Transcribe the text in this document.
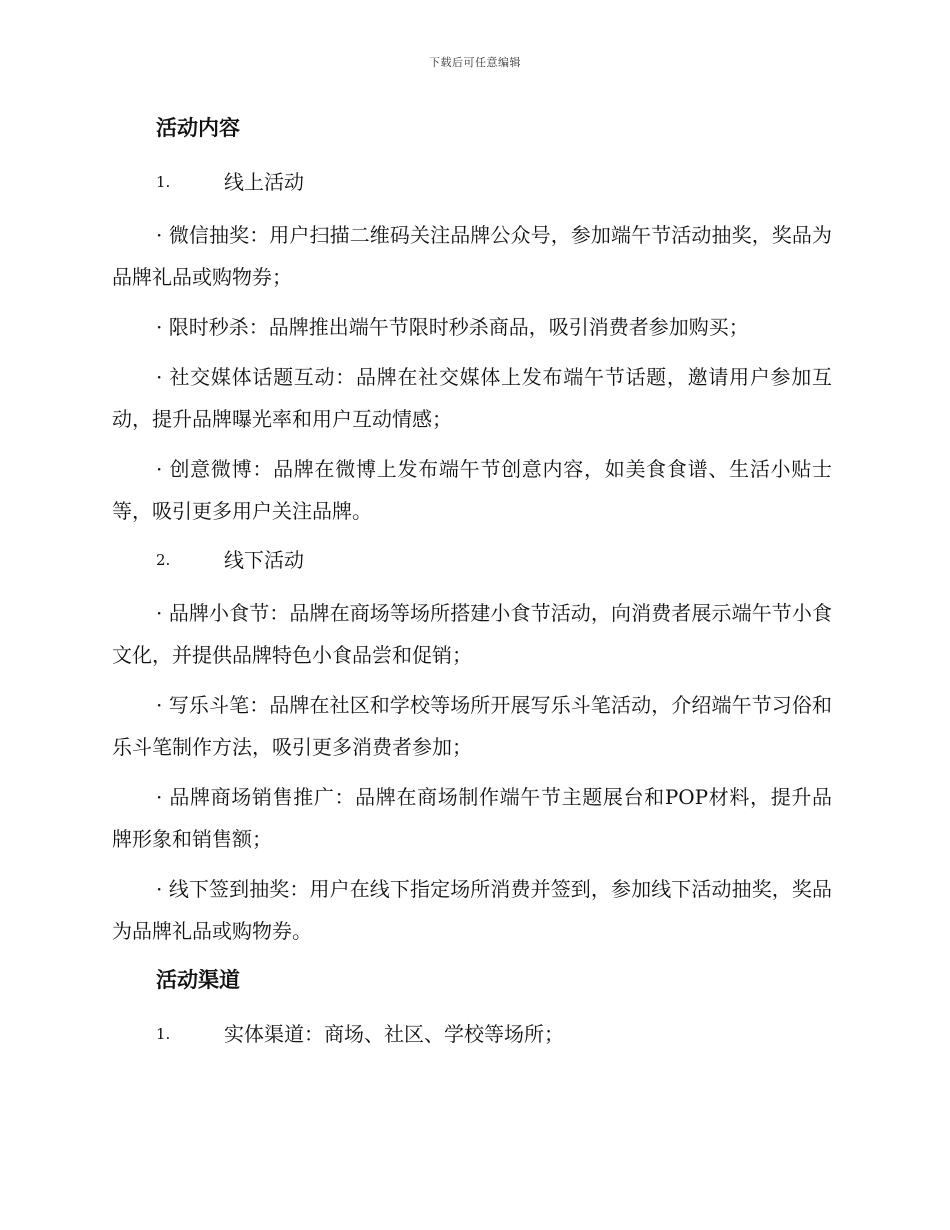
下载后可任意编辑
活动内容
1.	线上活动

· 微信抽奖：用户扫描二维码关注品牌公众号，参加端午节活动抽奖，奖品为品牌礼品或购物券；

· 限时秒杀：品牌推出端午节限时秒杀商品，吸引消费者参加购买；

· 社交媒体话题互动：品牌在社交媒体上发布端午节话题，邀请用户参加互动，提升品牌曝光率和用户互动情感；

· 创意微博：品牌在微博上发布端午节创意内容，如美食食谱、生活小贴士等，吸引更多用户关注品牌。

2.	线下活动

· 品牌小食节：品牌在商场等场所搭建小食节活动，向消费者展示端午节小食文化，并提供品牌特色小食品尝和促销；

· 写乐斗笔：品牌在社区和学校等场所开展写乐斗笔活动，介绍端午节习俗和乐斗笔制作方法，吸引更多消费者参加；

· 品牌商场销售推广：品牌在商场制作端午节主题展台和POP材料，提升品牌形象和销售额；

· 线下签到抽奖：用户在线下指定场所消费并签到，参加线下活动抽奖，奖品为品牌礼品或购物券。

活动渠道
1.	实体渠道：商场、社区、学校等场所；
